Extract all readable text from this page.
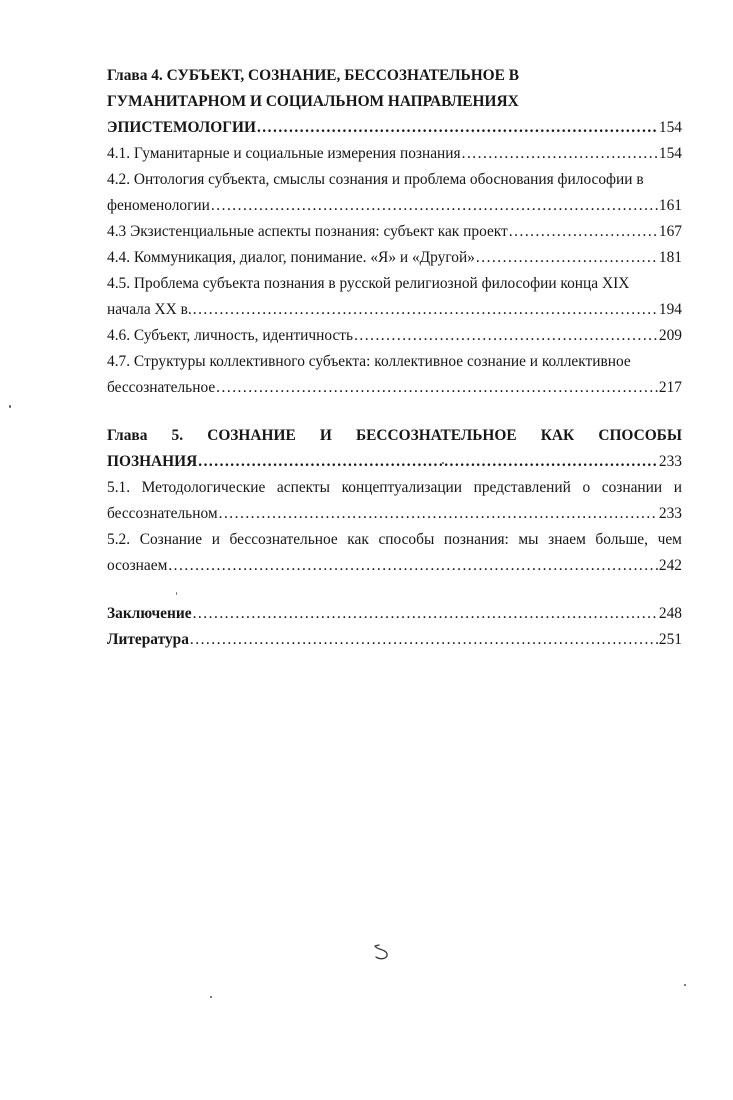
Глава 4. СУБЪЕКТ, СОЗНАНИЕ, БЕССОЗНАТЕЛЬНОЕ В
ГУМАНИТАРНОМ И СОЦИАЛЬНОМ НАПРАВЛЕНИЯХ
ЭПИСТЕМОЛОГИИ .....	154
4.1. Гуманитарные и социальные измерения познания .....	154
4.2. Онтология субъекта, смыслы сознания и проблема обоснования философии в
феноменологии .....	161
4.3 Экзистенциальные аспекты познания: субъект как проект .....	167
4.4. Коммуникация, диалог, понимание. «Я» и «Другой» .....	181
4.5. Проблема субъекта познания в русской религиозной философии конца XIX
начала XX в. .....	194
4.6. Субъект, личность, идентичность .....	209
4.7. Структуры коллективного субъекта: коллективное сознание и коллективное
бессознательное .....	217
Глава 5. СОЗНАНИЕ И БЕССОЗНАТЕЛЬНОЕ КАК СПОСОБЫ
ПОЗНАНИЯ .....	233
5.1. Методологические аспекты концептуализации представлений о сознании и
бессознательном .....	233
5.2. Сознание и бессознательное как способы познания: мы знаем больше, чем
осознаем .....	242
Заключение .....	248
Литература .....	251
